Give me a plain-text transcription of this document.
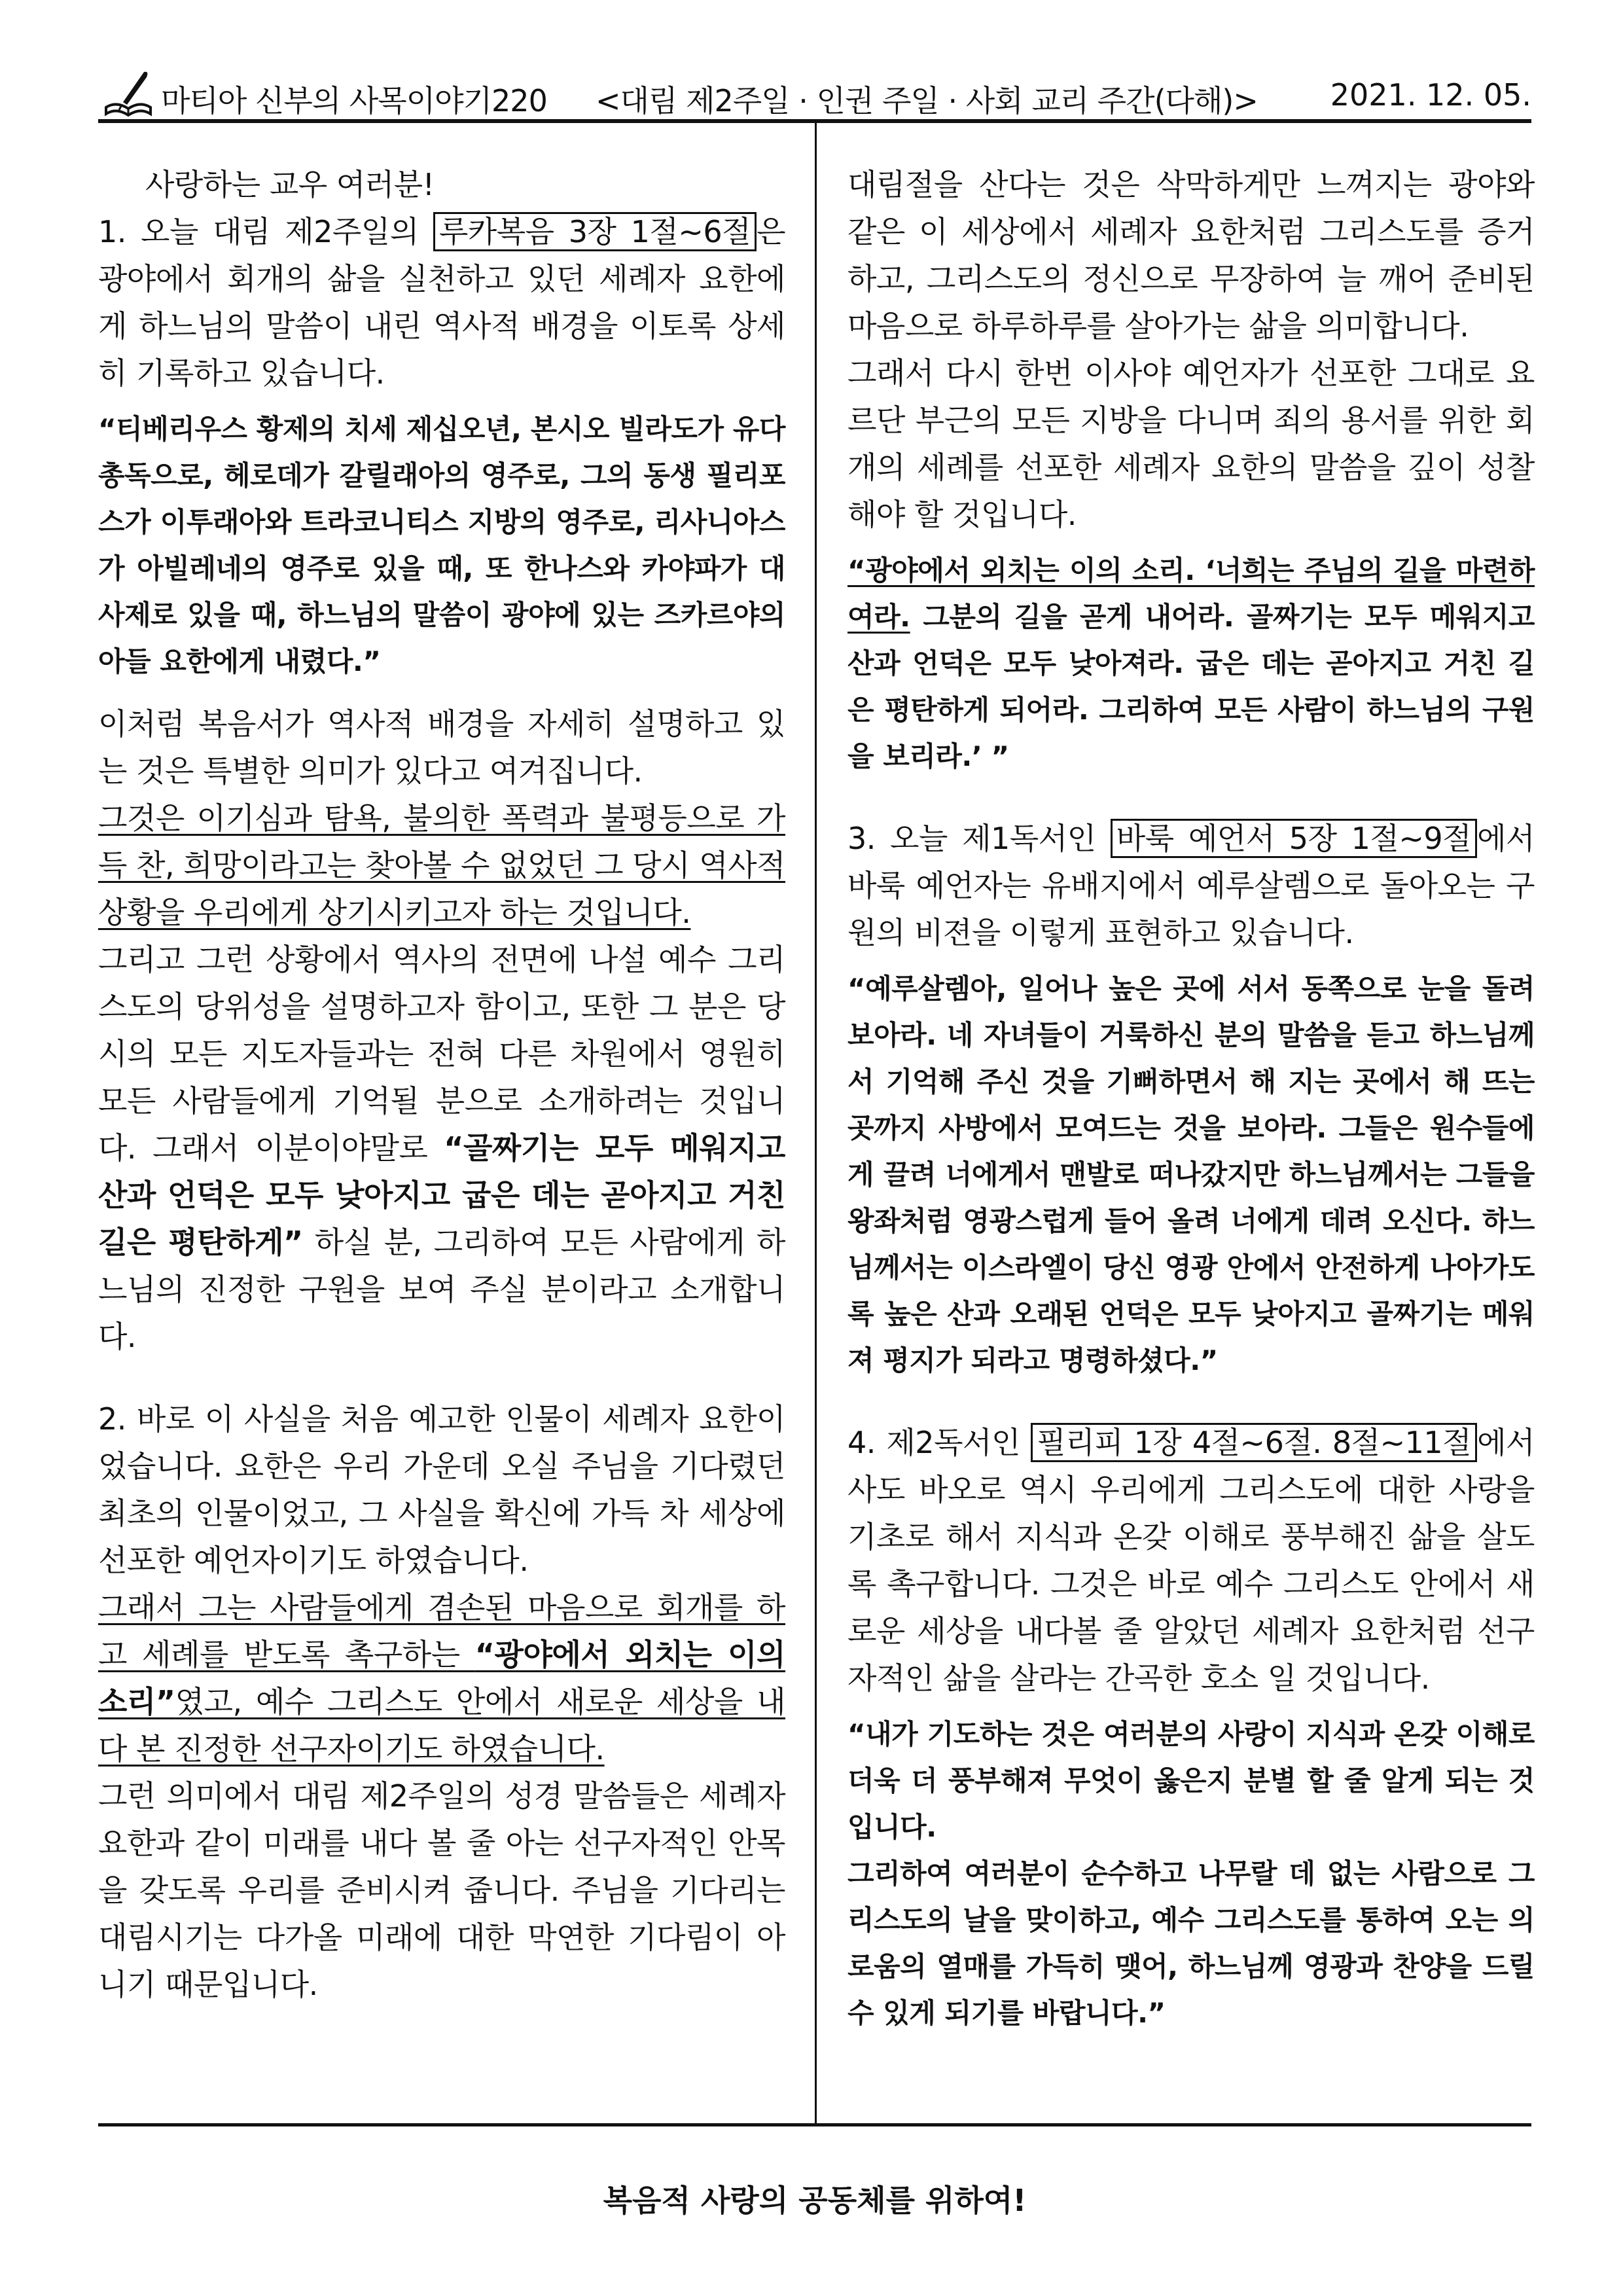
마티아 신부의 사목이야기220 <대림 제2주일 · 인권 주일 · 사회 교리 주간(다해)> 2021. 12. 05.

사랑하는 교우 여러분!

1. 오늘 대림 제2주일의 루카복음 3장 1절~6절 은 광야에서 회개의 삶을 실천하고 있던 세례자 요한에게 하느님의 말씀이 내린 역사적 배경을 이토록 상세히 기록하고 있습니다.

“티베리우스 황제의 치세 제십오년, 본시오 빌라도가 유다 총독으로, 헤로데가 갈릴래아의 영주로, 그의 동생 필리포스가 이투래아와 트라코니티스 지방의 영주로, 리사니아스가 아빌레네의 영주로 있을 때, 또 한나스와 카야파가 대사제로 있을 때, 하느님의 말씀이 광야에 있는 즈카르야의 아들 요한에게 내렸다.”

이처럼 복음서가 역사적 배경을 자세히 설명하고 있는 것은 특별한 의미가 있다고 여겨집니다.

그것은 이기심과 탐욕, 불의한 폭력과 불평등으로 가득 찬, 희망이라고는 찾아볼 수 없었던 그 당시 역사적 상황을 우리에게 상기시키고자 하는 것입니다.

그리고 그런 상황에서 역사의 전면에 나설 예수 그리스도의 당위성을 설명하고자 함이고, 또한 그 분은 당시의 모든 지도자들과는 전혀 다른 차원에서 영원히 모든 사람들에게 기억될 분으로 소개하려는 것입니다. 그래서 이분이야말로 “골짜기는 모두 메워지고 산과 언덕은 모두 낮아지고 굽은 데는 곧아지고 거친 길은 평탄하게” 하실 분, 그리하여 모든 사람에게 하느님의 진정한 구원을 보여 주실 분이라고 소개합니다.

2. 바로 이 사실을 처음 예고한 인물이 세례자 요한이었습니다. 요한은 우리 가운데 오실 주님을 기다렸던 최초의 인물이었고, 그 사실을 확신에 가득 차 세상에 선포한 예언자이기도 하였습니다.

그래서 그는 사람들에게 겸손된 마음으로 회개를 하고 세례를 받도록 촉구하는 “광야에서 외치는 이의 소리”였고, 예수 그리스도 안에서 새로운 세상을 내다 본 진정한 선구자이기도 하였습니다.

그런 의미에서 대림 제2주일의 성경 말씀들은 세례자 요한과 같이 미래를 내다 볼 줄 아는 선구자적인 안목을 갖도록 우리를 준비시켜 줍니다. 주님을 기다리는 대림시기는 다가올 미래에 대한 막연한 기다림이 아니기 때문입니다.

대림절을 산다는 것은 삭막하게만 느껴지는 광야와 같은 이 세상에서 세례자 요한처럼 그리스도를 증거하고, 그리스도의 정신으로 무장하여 늘 깨어 준비된 마음으로 하루하루를 살아가는 삶을 의미합니다.

그래서 다시 한번 이사야 예언자가 선포한 그대로 요르단 부근의 모든 지방을 다니며 죄의 용서를 위한 회개의 세례를 선포한 세례자 요한의 말씀을 깊이 성찰해야 할 것입니다.

“광야에서 외치는 이의 소리. ‘너희는 주님의 길을 마련하여라. 그분의 길을 곧게 내어라. 골짜기는 모두 메워지고 산과 언덕은 모두 낮아져라. 굽은 데는 곧아지고 거친 길은 평탄하게 되어라. 그리하여 모든 사람이 하느님의 구원을 보리라.’ ”

3. 오늘 제1독서인 바룩 예언서 5장 1절~9절 에서 바룩 예언자는 유배지에서 예루살렘으로 돌아오는 구원의 비젼을 이렇게 표현하고 있습니다.

“예루살렘아, 일어나 높은 곳에 서서 동쪽으로 눈을 돌려 보아라. 네 자녀들이 거룩하신 분의 말씀을 듣고 하느님께서 기억해 주신 것을 기뻐하면서 해 지는 곳에서 해 뜨는 곳까지 사방에서 모여드는 것을 보아라. 그들은 원수들에게 끌려 너에게서 맨발로 떠나갔지만 하느님께서는 그들을 왕좌처럼 영광스럽게 들어 올려 너에게 데려 오신다. 하느님께서는 이스라엘이 당신 영광 안에서 안전하게 나아가도록 높은 산과 오래된 언덕은 모두 낮아지고 골짜기는 메워져 평지가 되라고 명령하셨다.”

4. 제2독서인 필리피 1장 4절~6절. 8절~11절 에서 사도 바오로 역시 우리에게 그리스도에 대한 사랑을 기초로 해서 지식과 온갖 이해로 풍부해진 삶을 살도록 촉구합니다. 그것은 바로 예수 그리스도 안에서 새로운 세상을 내다볼 줄 알았던 세례자 요한처럼 선구자적인 삶을 살라는 간곡한 호소 일 것입니다.

“내가 기도하는 것은 여러분의 사랑이 지식과 온갖 이해로 더욱 더 풍부해져 무엇이 옳은지 분별 할 줄 알게 되는 것입니다.

그리하여 여러분이 순수하고 나무랄 데 없는 사람으로 그리스도의 날을 맞이하고, 예수 그리스도를 통하여 오는 의로움의 열매를 가득히 맺어, 하느님께 영광과 찬양을 드릴 수 있게 되기를 바랍니다.”

복음적 사랑의 공동체를 위하여!
